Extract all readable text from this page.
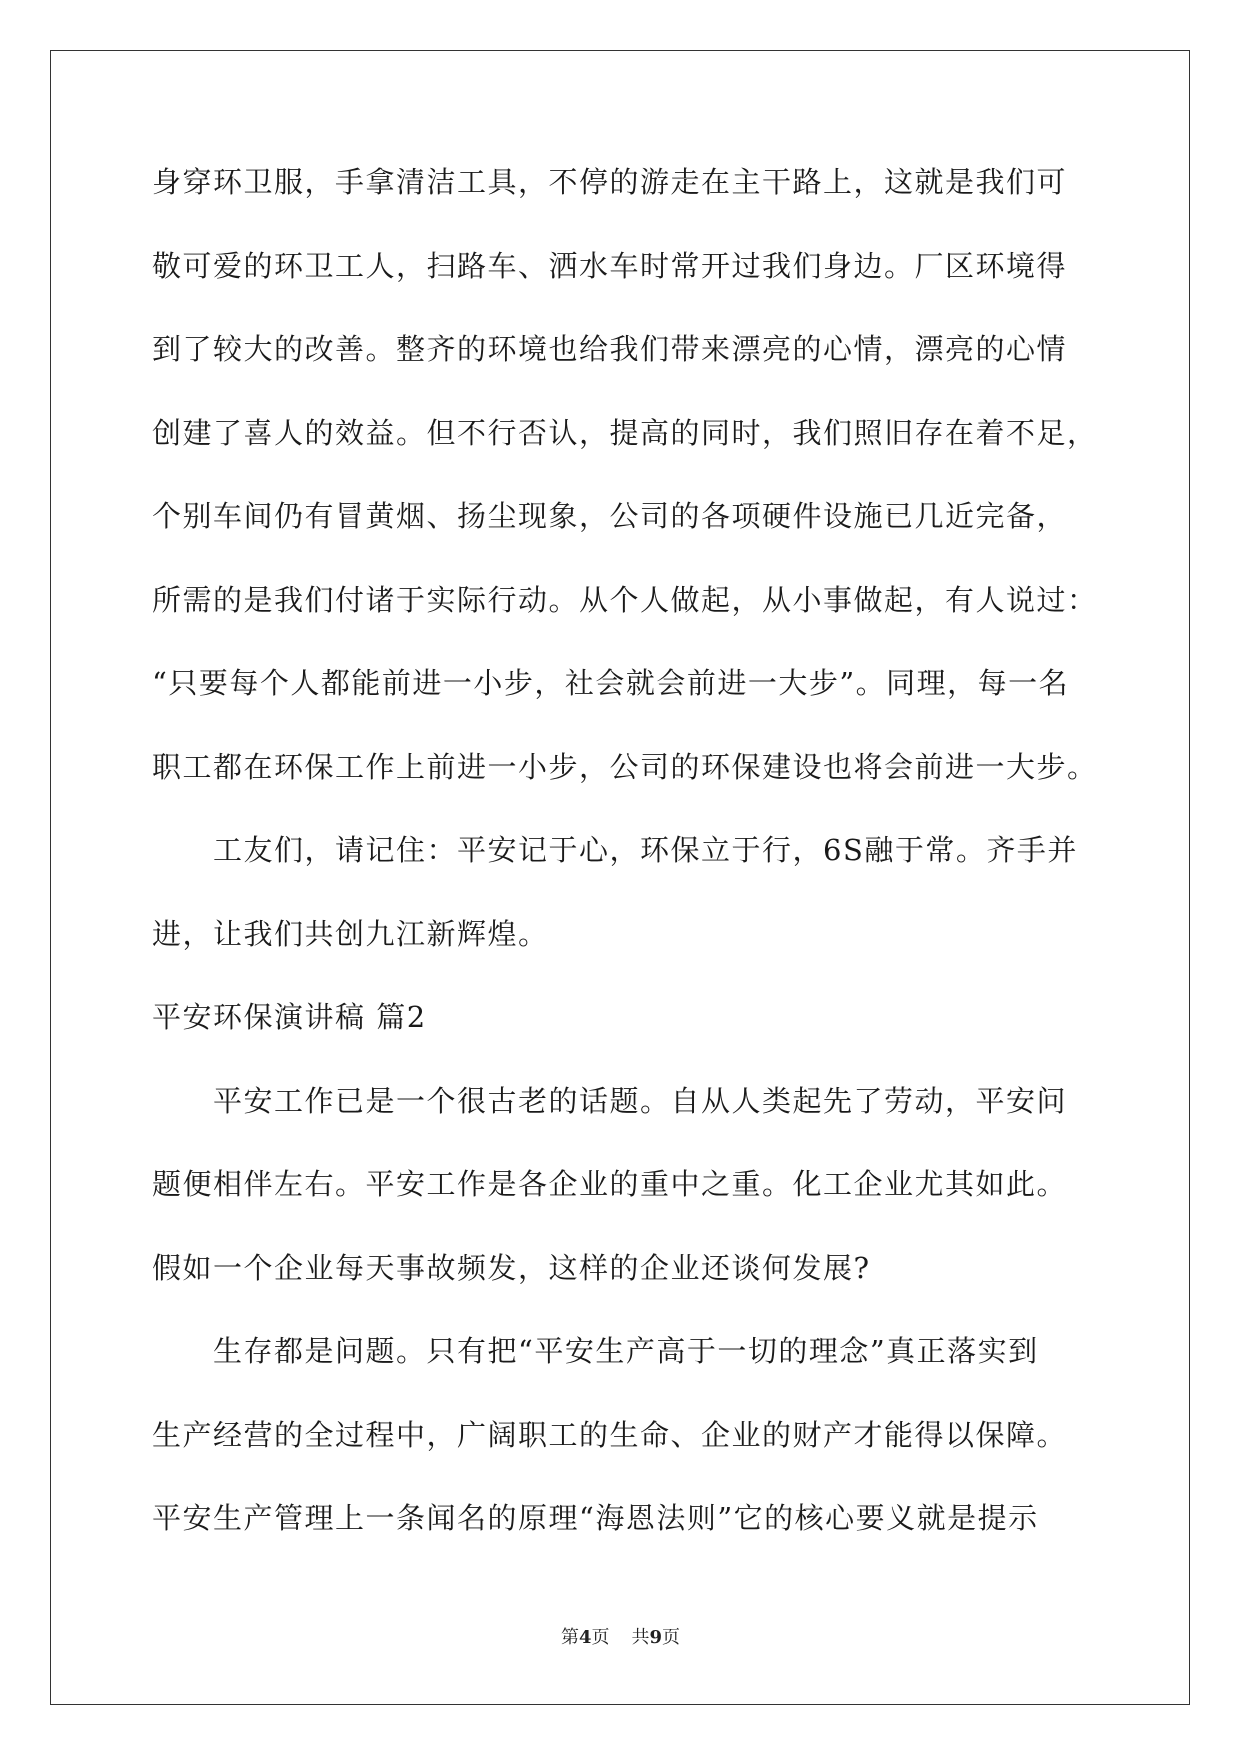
身穿环卫服，手拿清洁工具，不停的游走在主干路上，这就是我们可
敬可爱的环卫工人，扫路车、洒水车时常开过我们身边。厂区环境得
到了较大的改善。整齐的环境也给我们带来漂亮的心情，漂亮的心情
创建了喜人的效益。但不行否认，提高的同时，我们照旧存在着不足，
个别车间仍有冒黄烟、扬尘现象，公司的各项硬件设施已几近完备，
所需的是我们付诸于实际行动。从个人做起，从小事做起，有人说过：
“只要每个人都能前进一小步，社会就会前进一大步”。同理，每一名
职工都在环保工作上前进一小步，公司的环保建设也将会前进一大步。
　　工友们，请记住：平安记于心，环保立于行，6S融于常。齐手并
进，让我们共创九江新辉煌。
平安环保演讲稿 篇2
　　平安工作已是一个很古老的话题。自从人类起先了劳动，平安问
题便相伴左右。平安工作是各企业的重中之重。化工企业尤其如此。
假如一个企业每天事故频发，这样的企业还谈何发展?
　　生存都是问题。只有把“平安生产高于一切的理念”真正落实到
生产经营的全过程中，广阔职工的生命、企业的财产才能得以保障。
平安生产管理上一条闻名的原理“海恩法则”它的核心要义就是提示
第4页 共9页
